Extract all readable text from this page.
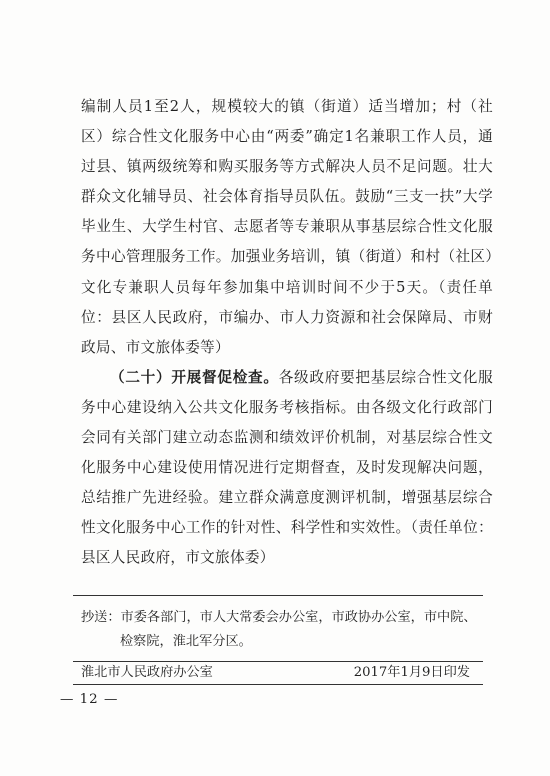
编制人员1至2人，规模较大的镇（街道）适当增加；村（社区）综合性文化服务中心由“两委”确定1名兼职工作人员，通过县、镇两级统筹和购买服务等方式解决人员不足问题。壮大群众文化辅导员、社会体育指导员队伍。鼓励“三支一扶”大学毕业生、大学生村官、志愿者等专兼职从事基层综合性文化服务中心管理服务工作。加强业务培训，镇（街道）和村（社区）文化专兼职人员每年参加集中培训时间不少于5天。（责任单位：县区人民政府，市编办、市人力资源和社会保障局、市财政局、市文旅体委等）

（二十）开展督促检查。各级政府要把基层综合性文化服务中心建设纳入公共文化服务考核指标。由各级文化行政部门会同有关部门建立动态监测和绩效评价机制，对基层综合性文化服务中心建设使用情况进行定期督查，及时发现解决问题，总结推广先进经验。建立群众满意度测评机制，增强基层综合性文化服务中心工作的针对性、科学性和实效性。（责任单位：县区人民政府，市文旅体委）

抄送：市委各部门，市人大常委会办公室，市政协办公室，市中院、
检察院，淮北军分区。
淮北市人民政府办公室	2017年1月9日印发
— 12 —
